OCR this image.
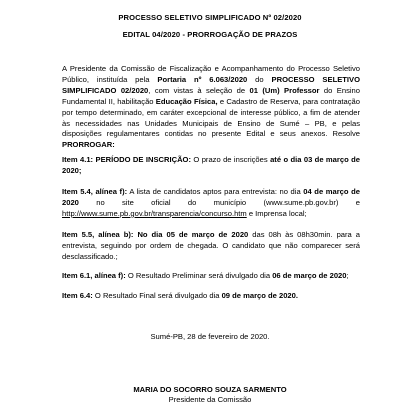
PROCESSO SELETIVO SIMPLIFICADO Nº 02/2020
EDITAL 04/2020 - PRORROGAÇÃO DE PRAZOS

A Presidente da Comissão de Fiscalização e Acompanhamento do Processo Seletivo Público, instituída pela Portaria nº 6.063/2020 do PROCESSO SELETIVO SIMPLIFICADO 02/2020, com vistas à seleção de 01 (Um) Professor do Ensino Fundamental II, habilitação Educação Física, e Cadastro de Reserva, para contratação por tempo determinado, em caráter excepcional de interesse público, a fim de atender às necessidades nas Unidades Municipais de Ensino de Sumé – PB, e pelas disposições regulamentares contidas no presente Edital e seus anexos. Resolve PRORROGAR:

Item 4.1: PERÍODO DE INSCRIÇÃO: O prazo de inscrições até o dia 03 de março de 2020;

Item 5.4, alínea f): A lista de candidatos aptos para entrevista: no dia 04 de março de 2020 no site oficial do município (www.sume.pb.gov.br) e http://www.sume.pb.gov.br/transparencia/concurso.htm e Imprensa local;

Item 5.5, alínea b): No dia 05 de março de 2020 das 08h às 08h30min. para a entrevista, seguindo por ordem de chegada. O candidato que não comparecer será desclassificado.;

Item 6.1, alínea f): O Resultado Preliminar será divulgado dia 06 de março de 2020;

Item 6.4: O Resultado Final será divulgado dia 09 de março de 2020.

Sumé-PB, 28 de fevereiro de 2020.
MARIA DO SOCORRO SOUZA SARMENTO
Presidente da Comissão
